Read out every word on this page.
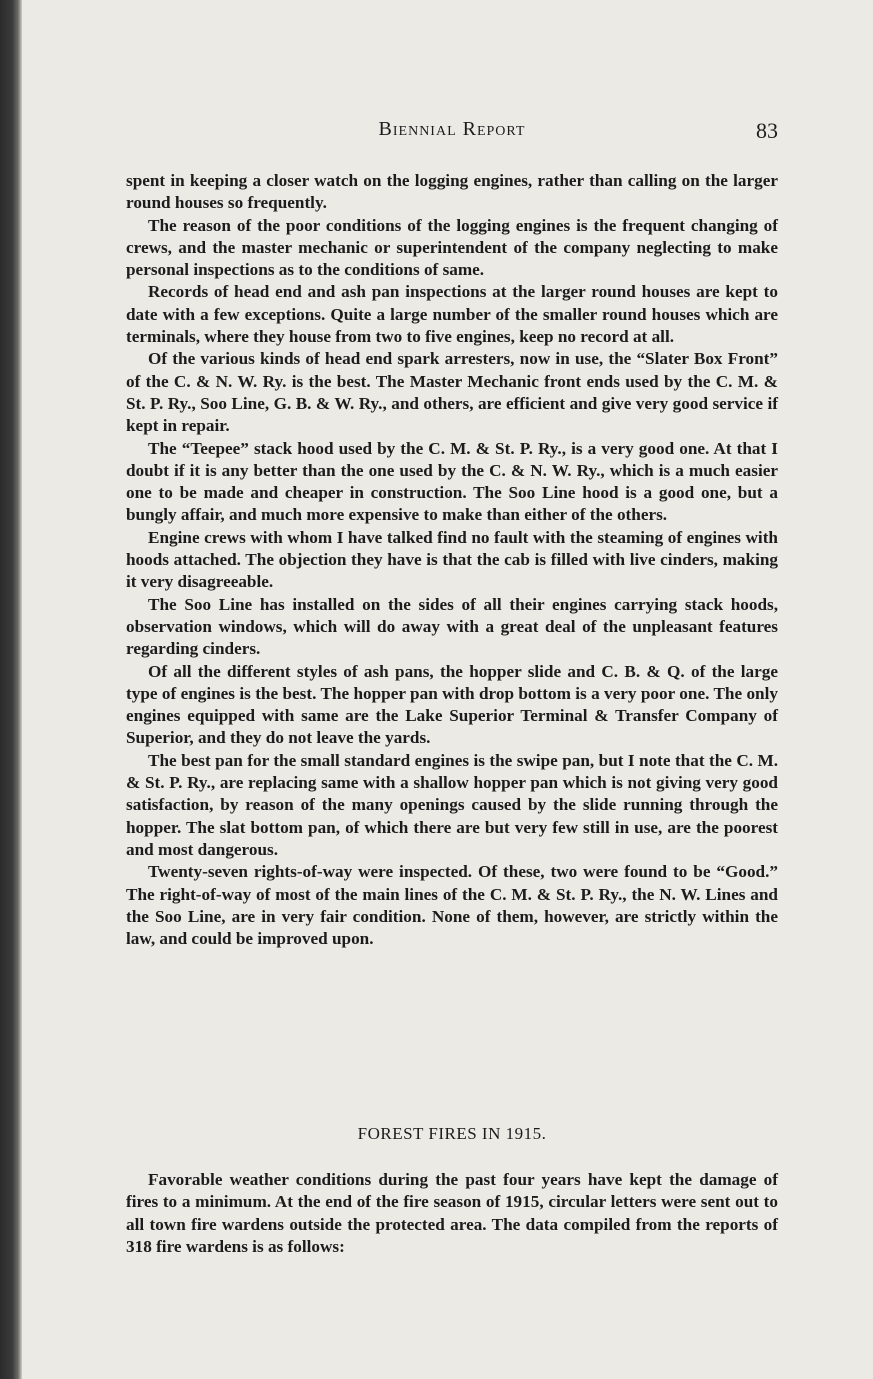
Biennial Report	83

spent in keeping a closer watch on the logging engines, rather than calling on the larger round houses so frequently.

The reason of the poor conditions of the logging engines is the frequent changing of crews, and the master mechanic or superintendent of the company neglecting to make personal inspections as to the conditions of same.

Records of head end and ash pan inspections at the larger round houses are kept to date with a few exceptions. Quite a large number of the smaller round houses which are terminals, where they house from two to five engines, keep no record at all.

Of the various kinds of head end spark arresters, now in use, the “Slater Box Front” of the C. & N. W. Ry. is the best. The Master Mechanic front ends used by the C. M. & St. P. Ry., Soo Line, G. B. & W. Ry., and others, are efficient and give very good service if kept in repair.

The “Teepee” stack hood used by the C. M. & St. P. Ry., is a very good one. At that I doubt if it is any better than the one used by the C. & N. W. Ry., which is a much easier one to be made and cheaper in construction. The Soo Line hood is a good one, but a bungly affair, and much more expensive to make than either of the others.

Engine crews with whom I have talked find no fault with the steaming of engines with hoods attached. The objection they have is that the cab is filled with live cinders, making it very disagreeable.

The Soo Line has installed on the sides of all their engines carrying stack hoods, observation windows, which will do away with a great deal of the unpleasant features regarding cinders.

Of all the different styles of ash pans, the hopper slide and C. B. & Q. of the large type of engines is the best. The hopper pan with drop bottom is a very poor one. The only engines equipped with same are the Lake Superior Terminal & Transfer Company of Superior, and they do not leave the yards.

The best pan for the small standard engines is the swipe pan, but I note that the C. M. & St. P. Ry., are replacing same with a shallow hopper pan which is not giving very good satisfaction, by reason of the many openings caused by the slide running through the hopper. The slat bottom pan, of which there are but very few still in use, are the poorest and most dangerous.

Twenty-seven rights-of-way were inspected. Of these, two were found to be “Good.” The right-of-way of most of the main lines of the C. M. & St. P. Ry., the N. W. Lines and the Soo Line, are in very fair condition. None of them, however, are strictly within the law, and could be improved upon.

FOREST FIRES IN 1915.

Favorable weather conditions during the past four years have kept the damage of fires to a minimum. At the end of the fire season of 1915, circular letters were sent out to all town fire wardens outside the protected area. The data compiled from the reports of 318 fire wardens is as follows:
